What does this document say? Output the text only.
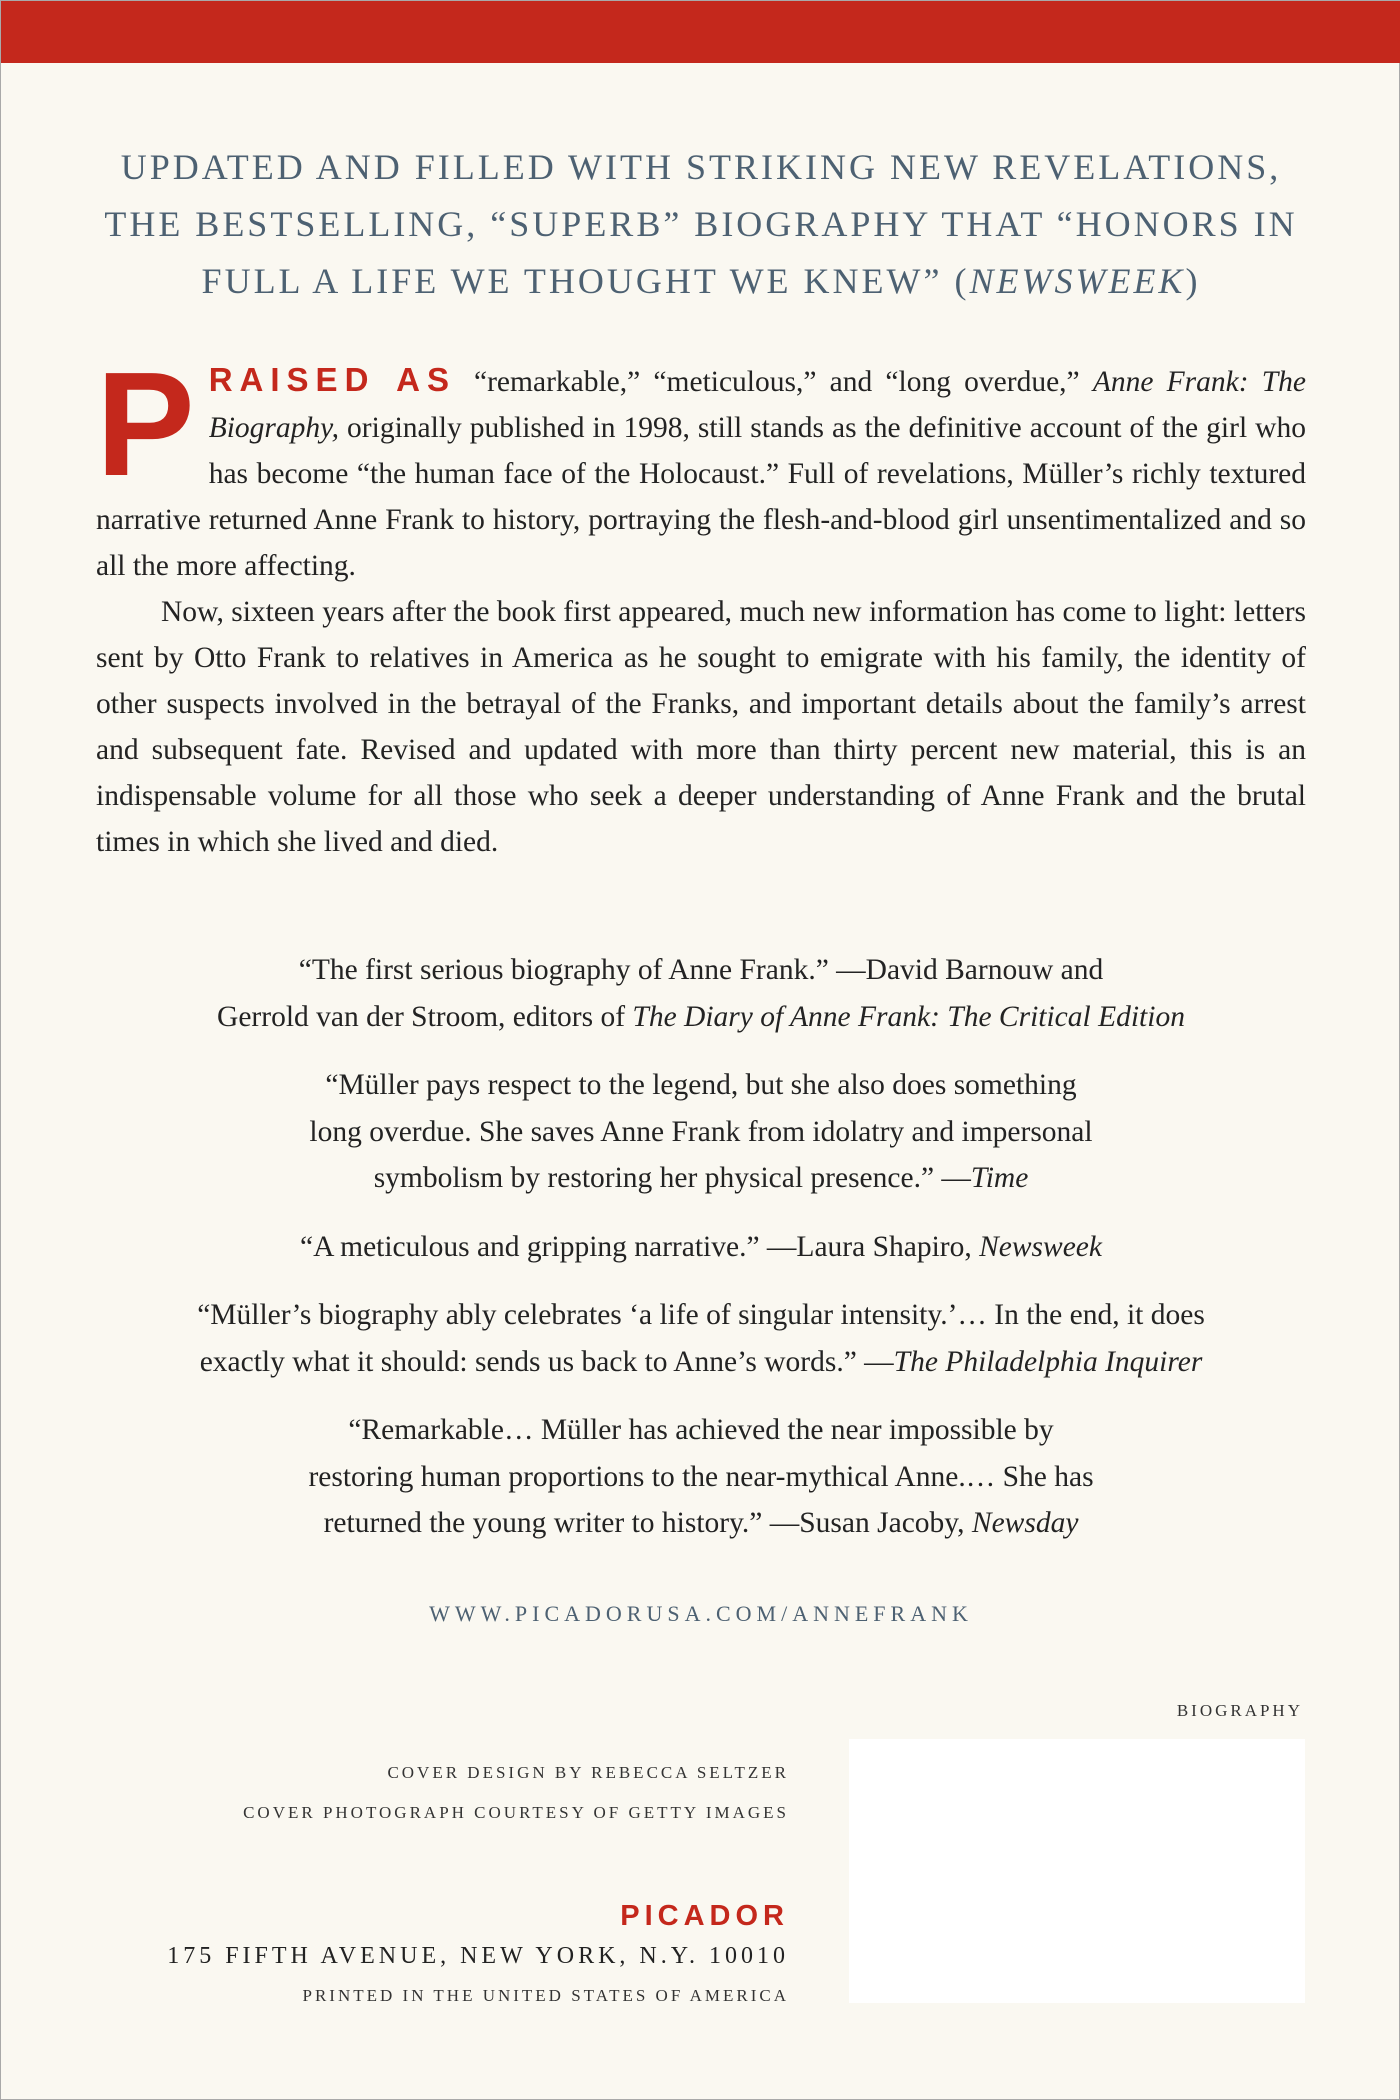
UPDATED AND FILLED WITH STRIKING NEW REVELATIONS,
THE BESTSELLING, “SUPERB” BIOGRAPHY THAT “HONORS IN
FULL A LIFE WE THOUGHT WE KNEW” (NEWSWEEK)

PRAISED AS “remarkable,” “meticulous,” and “long overdue,” Anne Frank: The Biography, originally published in 1998, still stands as the definitive account of the girl who has become “the human face of the Holocaust.” Full of revelations, Müller’s richly textured narrative returned Anne Frank to history, portraying the flesh-and-blood girl unsentimentalized and so all the more affecting.

Now, sixteen years after the book first appeared, much new information has come to light: letters sent by Otto Frank to relatives in America as he sought to emigrate with his family, the identity of other suspects involved in the betrayal of the Franks, and important details about the family’s arrest and subsequent fate. Revised and updated with more than thirty percent new material, this is an indispensable volume for all those who seek a deeper understanding of Anne Frank and the brutal times in which she lived and died.

“The first serious biography of Anne Frank.” —David Barnouw and
Gerrold van der Stroom, editors of The Diary of Anne Frank: The Critical Edition
“Müller pays respect to the legend, but she also does something
long overdue. She saves Anne Frank from idolatry and impersonal
symbolism by restoring her physical presence.” —Time
“A meticulous and gripping narrative.” —Laura Shapiro, Newsweek
“Müller’s biography ably celebrates ‘a life of singular intensity.’… In the end, it does
exactly what it should: sends us back to Anne’s words.” —The Philadelphia Inquirer
“Remarkable… Müller has achieved the near impossible by
restoring human proportions to the near-mythical Anne.… She has
returned the young writer to history.” —Susan Jacoby, Newsday
WWW.PICADORUSA.COM/ANNEFRANK
BIOGRAPHY
COVER DESIGN BY REBECCA SELTZER
COVER PHOTOGRAPH COURTESY OF GETTY IMAGES
PICADOR
175 FIFTH AVENUE, NEW YORK, N.Y. 10010
PRINTED IN THE UNITED STATES OF AMERICA
